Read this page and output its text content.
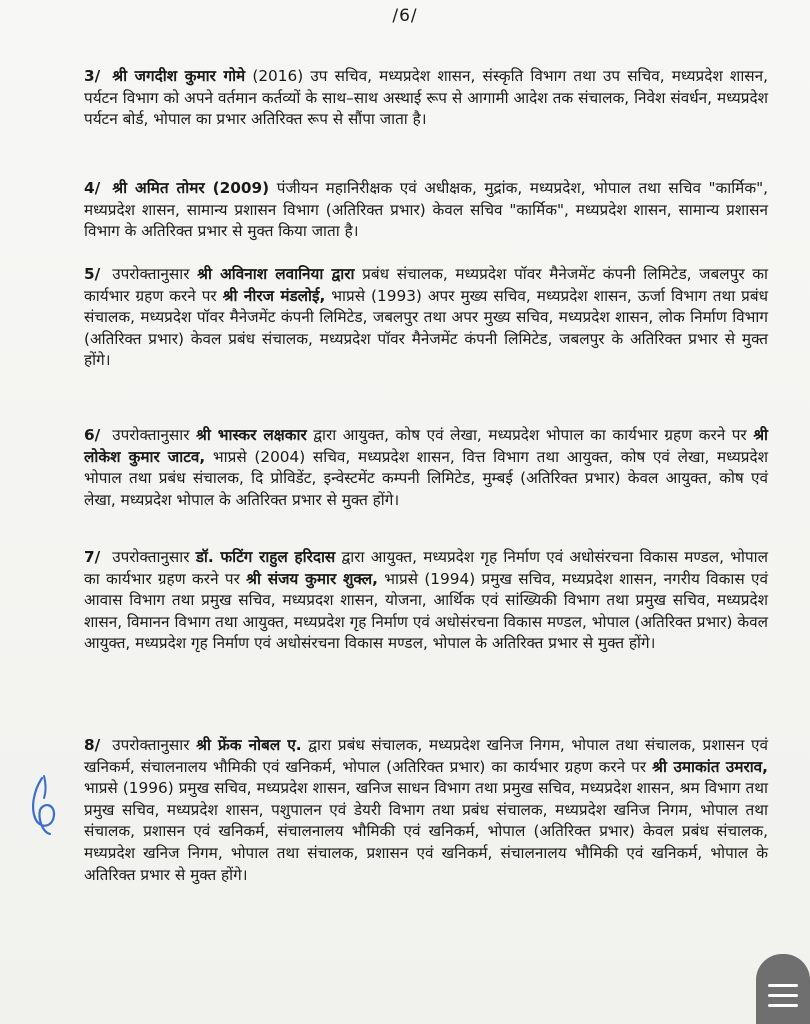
/6/
3/ श्री जगदीश कुमार गोमे (2016) उप सचिव, मध्यप्रदेश शासन, संस्कृति विभाग तथा उप सचिव, मध्यप्रदेश शासन, पर्यटन विभाग को अपने वर्तमान कर्तव्यों के साथ–साथ अस्थाई रूप से आगामी आदेश तक संचालक, निवेश संवर्धन, मध्यप्रदेश पर्यटन बोर्ड, भोपाल का प्रभार अतिरिक्त रूप से सौंपा जाता है।
4/ श्री अमित तोमर (2009) पंजीयन महानिरीक्षक एवं अधीक्षक, मुद्रांक, मध्यप्रदेश, भोपाल तथा सचिव "कार्मिक", मध्यप्रदेश शासन, सामान्य प्रशासन विभाग (अतिरिक्त प्रभार) केवल सचिव "कार्मिक", मध्यप्रदेश शासन, सामान्य प्रशासन विभाग के अतिरिक्त प्रभार से मुक्त किया जाता है।
5/ उपरोक्तानुसार श्री अविनाश लवानिया द्वारा प्रबंध संचालक, मध्यप्रदेश पॉवर मैनेजमेंट कंपनी लिमिटेड, जबलपुर का कार्यभार ग्रहण करने पर श्री नीरज मंडलोई, भाप्रसे (1993) अपर मुख्य सचिव, मध्यप्रदेश शासन, ऊर्जा विभाग तथा प्रबंध संचालक, मध्यप्रदेश पॉवर मैनेजमेंट कंपनी लिमिटेड, जबलपुर तथा अपर मुख्य सचिव, मध्यप्रदेश शासन, लोक निर्माण विभाग (अतिरिक्त प्रभार) केवल प्रबंध संचालक, मध्यप्रदेश पॉवर मैनेजमेंट कंपनी लिमिटेड, जबलपुर के अतिरिक्त प्रभार से मुक्त होंगे।
6/ उपरोक्तानुसार श्री भास्कर लक्षकार द्वारा आयुक्त, कोष एवं लेखा, मध्यप्रदेश भोपाल का कार्यभार ग्रहण करने पर श्री लोकेश कुमार जाटव, भाप्रसे (2004) सचिव, मध्यप्रदेश शासन, वित्त विभाग तथा आयुक्त, कोष एवं लेखा, मध्यप्रदेश भोपाल तथा प्रबंध संचालक, दि प्रोविडेंट, इन्वेस्टमेंट कम्पनी लिमिटेड, मुम्बई (अतिरिक्त प्रभार) केवल आयुक्त, कोष एवं लेखा, मध्यप्रदेश भोपाल के अतिरिक्त प्रभार से मुक्त होंगे।
7/ उपरोक्तानुसार डॉ. फटिंग राहुल हरिदास द्वारा आयुक्त, मध्यप्रदेश गृह निर्माण एवं अधोसंरचना विकास मण्डल, भोपाल का कार्यभार ग्रहण करने पर श्री संजय कुमार शुक्ल, भाप्रसे (1994) प्रमुख सचिव, मध्यप्रदेश शासन, नगरीय विकास एवं आवास विभाग तथा प्रमुख सचिव, मध्यप्रदश शासन, योजना, आर्थिक एवं सांख्यिकी विभाग तथा प्रमुख सचिव, मध्यप्रदेश शासन, विमानन विभाग तथा आयुक्त, मध्यप्रदेश गृह निर्माण एवं अधोसंरचना विकास मण्डल, भोपाल (अतिरिक्त प्रभार) केवल आयुक्त, मध्यप्रदेश गृह निर्माण एवं अधोसंरचना विकास मण्डल, भोपाल के अतिरिक्त प्रभार से मुक्त होंगे।
8/ उपरोक्तानुसार श्री फ्रेंक नोबल ए. द्वारा प्रबंध संचालक, मध्यप्रदेश खनिज निगम, भोपाल तथा संचालक, प्रशासन एवं खनिकर्म, संचालनालय भौमिकी एवं खनिकर्म, भोपाल (अतिरिक्त प्रभार) का कार्यभार ग्रहण करने पर श्री उमाकांत उमराव, भाप्रसे (1996) प्रमुख सचिव, मध्यप्रदेश शासन, खनिज साधन विभाग तथा प्रमुख सचिव, मध्यप्रदेश शासन, श्रम विभाग तथा प्रमुख सचिव, मध्यप्रदेश शासन, पशुपालन एवं डेयरी विभाग तथा प्रबंध संचालक, मध्यप्रदेश खनिज निगम, भोपाल तथा संचालक, प्रशासन एवं खनिकर्म, संचालनालय भौमिकी एवं खनिकर्म, भोपाल (अतिरिक्त प्रभार) केवल प्रबंध संचालक, मध्यप्रदेश खनिज निगम, भोपाल तथा संचालक, प्रशासन एवं खनिकर्म, संचालनालय भौमिकी एवं खनिकर्म, भोपाल के अतिरिक्त प्रभार से मुक्त होंगे।
